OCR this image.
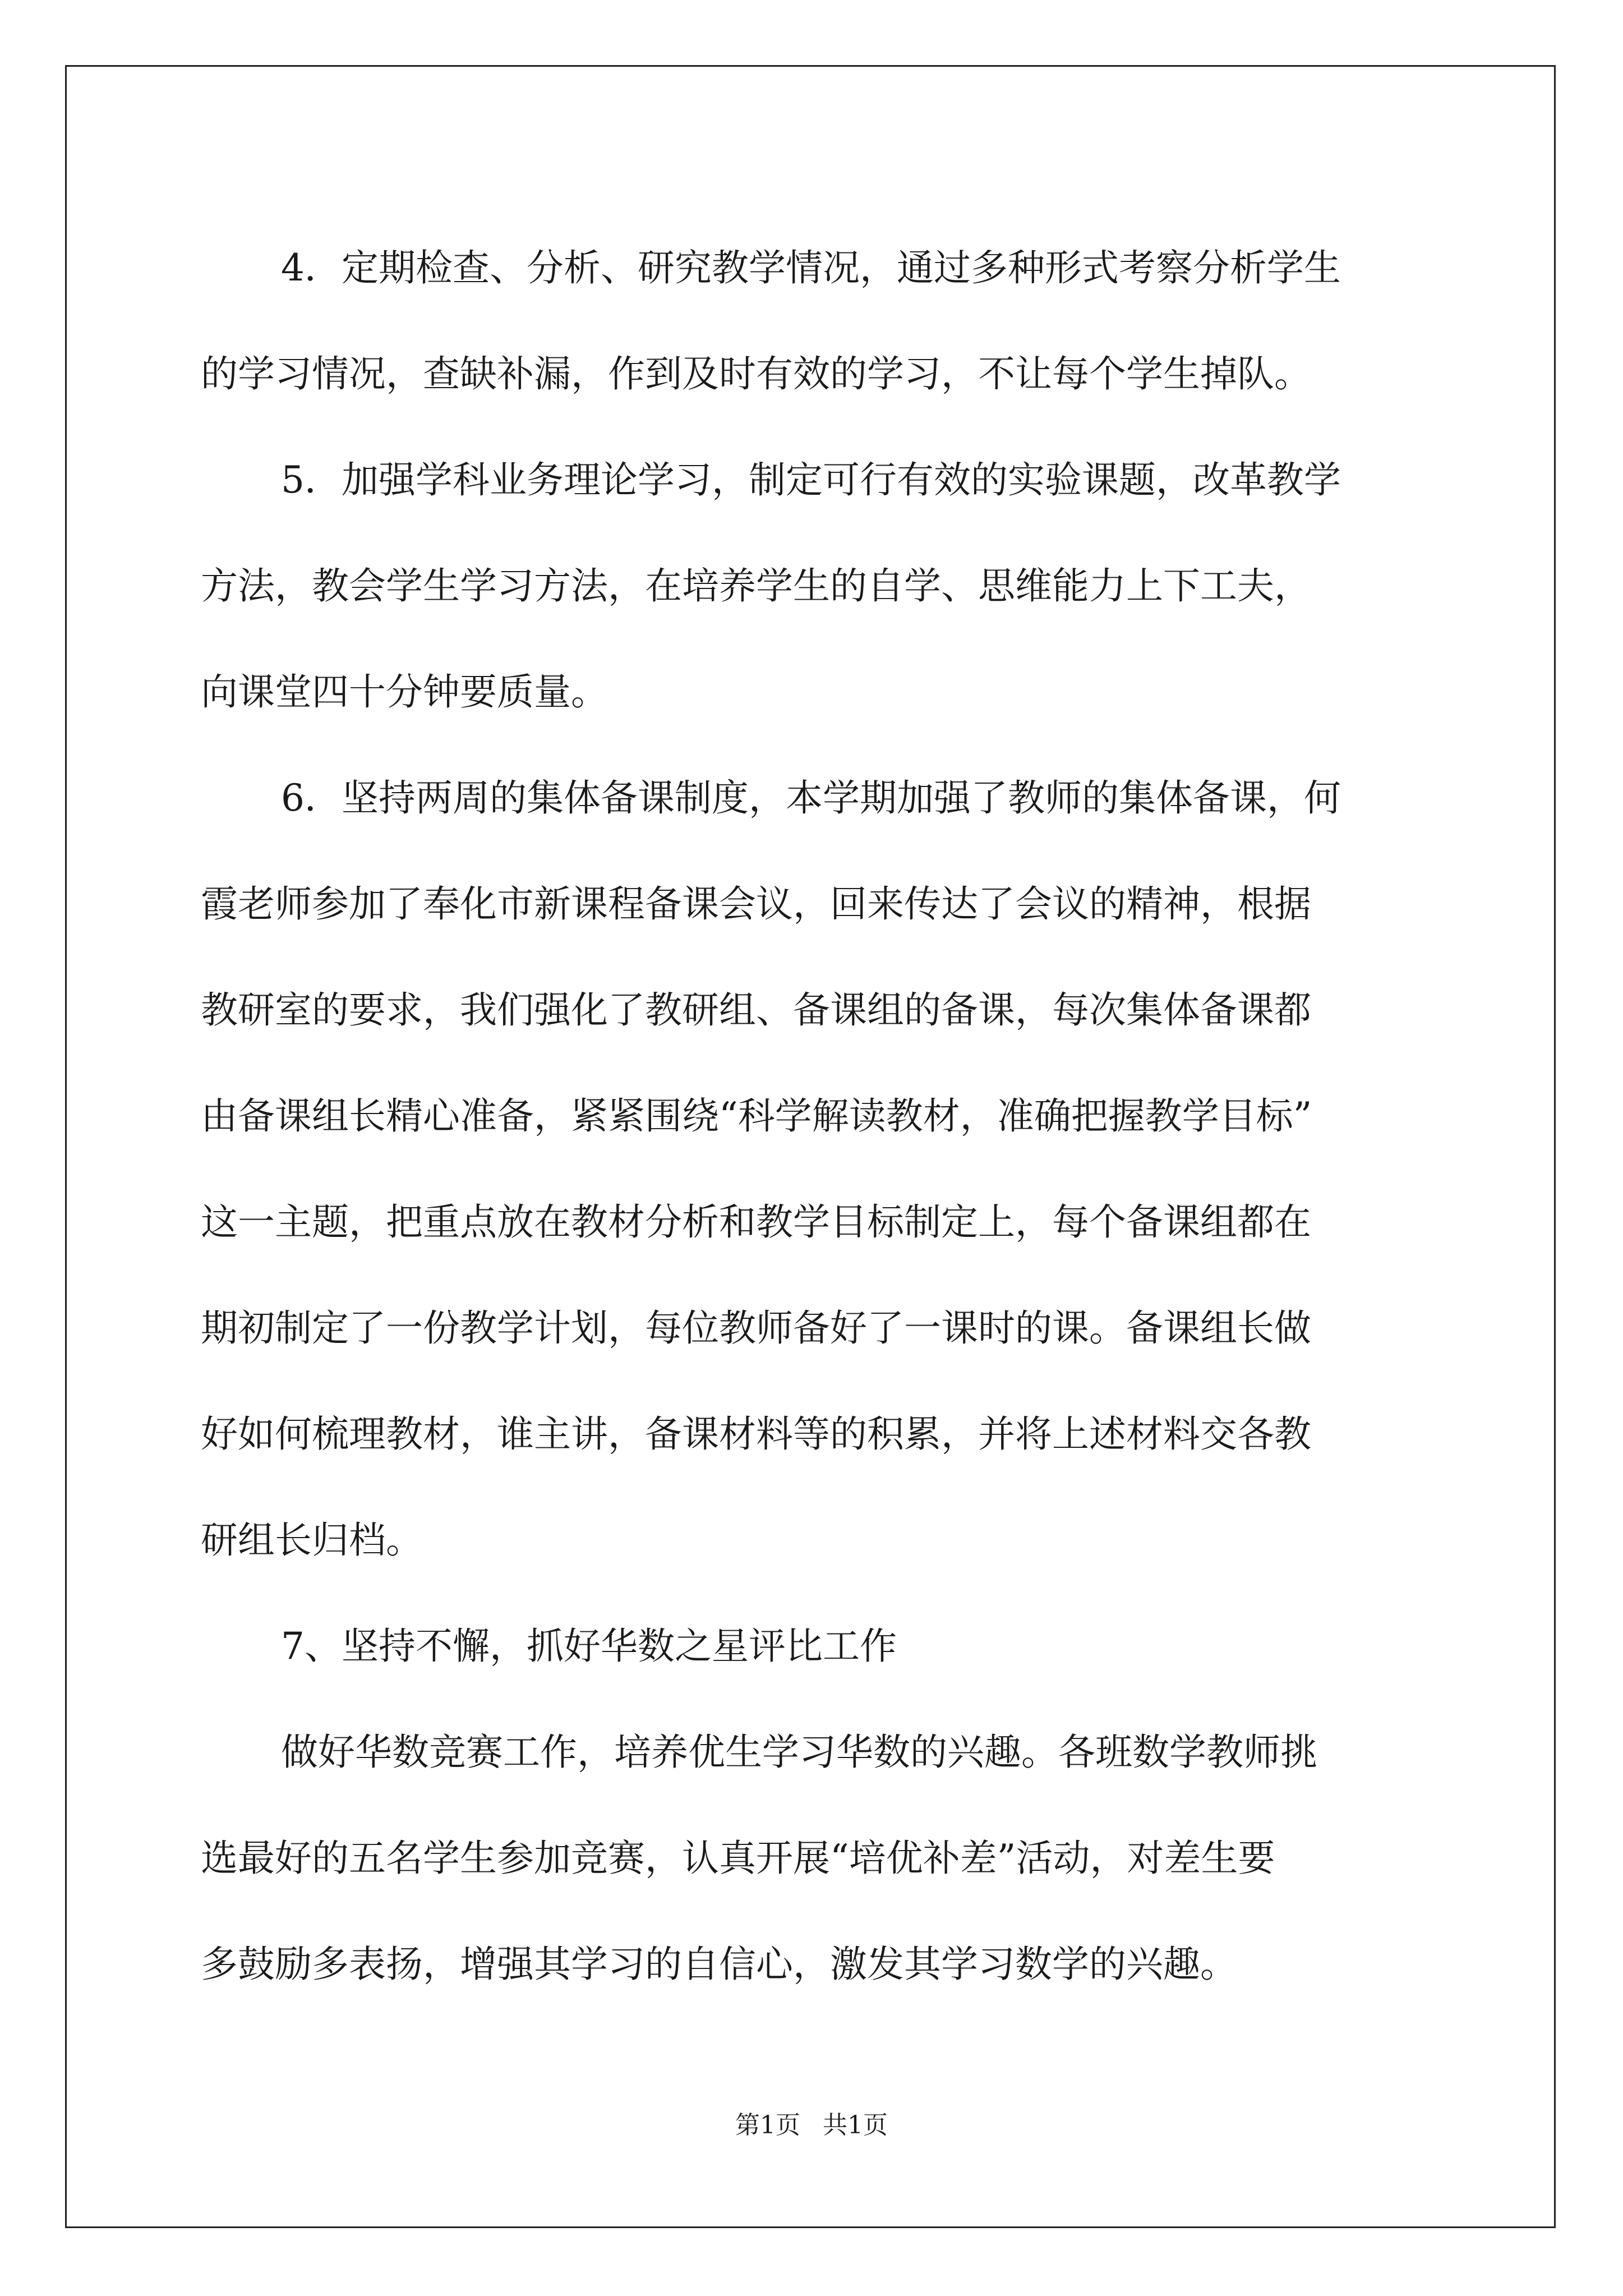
4．定期检查、分析、研究教学情况，通过多种形式考察分析学生
的学习情况，查缺补漏，作到及时有效的学习，不让每个学生掉队。
5．加强学科业务理论学习，制定可行有效的实验课题，改革教学
方法，教会学生学习方法，在培养学生的自学、思维能力上下工夫，
向课堂四十分钟要质量。
6．坚持两周的集体备课制度，本学期加强了教师的集体备课，何
霞老师参加了奉化市新课程备课会议，回来传达了会议的精神，根据
教研室的要求，我们强化了教研组、备课组的备课，每次集体备课都
由备课组长精心准备，紧紧围绕“科学解读教材，准确把握教学目标”
这一主题，把重点放在教材分析和教学目标制定上，每个备课组都在
期初制定了一份教学计划，每位教师备好了一课时的课。备课组长做
好如何梳理教材，谁主讲，备课材料等的积累，并将上述材料交各教
研组长归档。
7、坚持不懈，抓好华数之星评比工作
做好华数竞赛工作，培养优生学习华数的兴趣。各班数学教师挑
选最好的五名学生参加竞赛，认真开展“培优补差”活动，对差生要
多鼓励多表扬，增强其学习的自信心，激发其学习数学的兴趣。
第1页 共1页
